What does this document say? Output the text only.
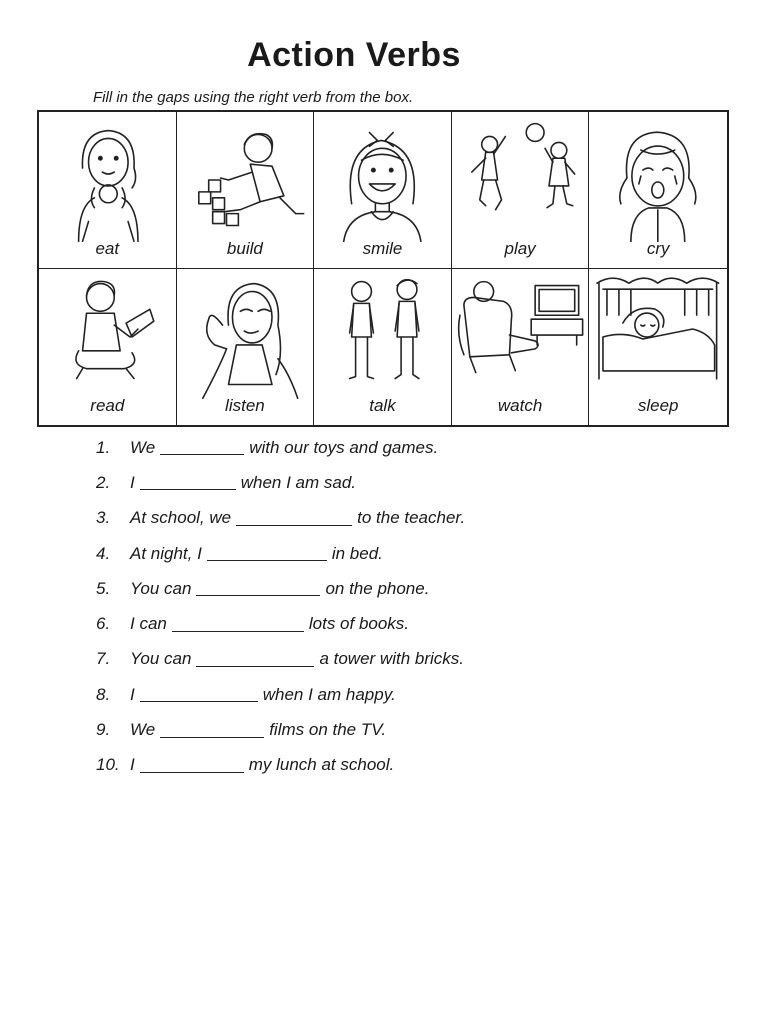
Action Verbs
Fill in the gaps using the right verb from the box.
eat	build	smile	play	cry
read	listen	talk	watch	sleep
1.	We	with our toys and games.
2.	I	when I am sad.
3.	At school, we	to the teacher.
4.	At night, I	in bed.
5.	You can	on the phone.
6.	I can	lots of books.
7.	You can	a tower with bricks.
8.	I	when I am happy.
9.	We	films on the TV.
10. I	my lunch at school.
